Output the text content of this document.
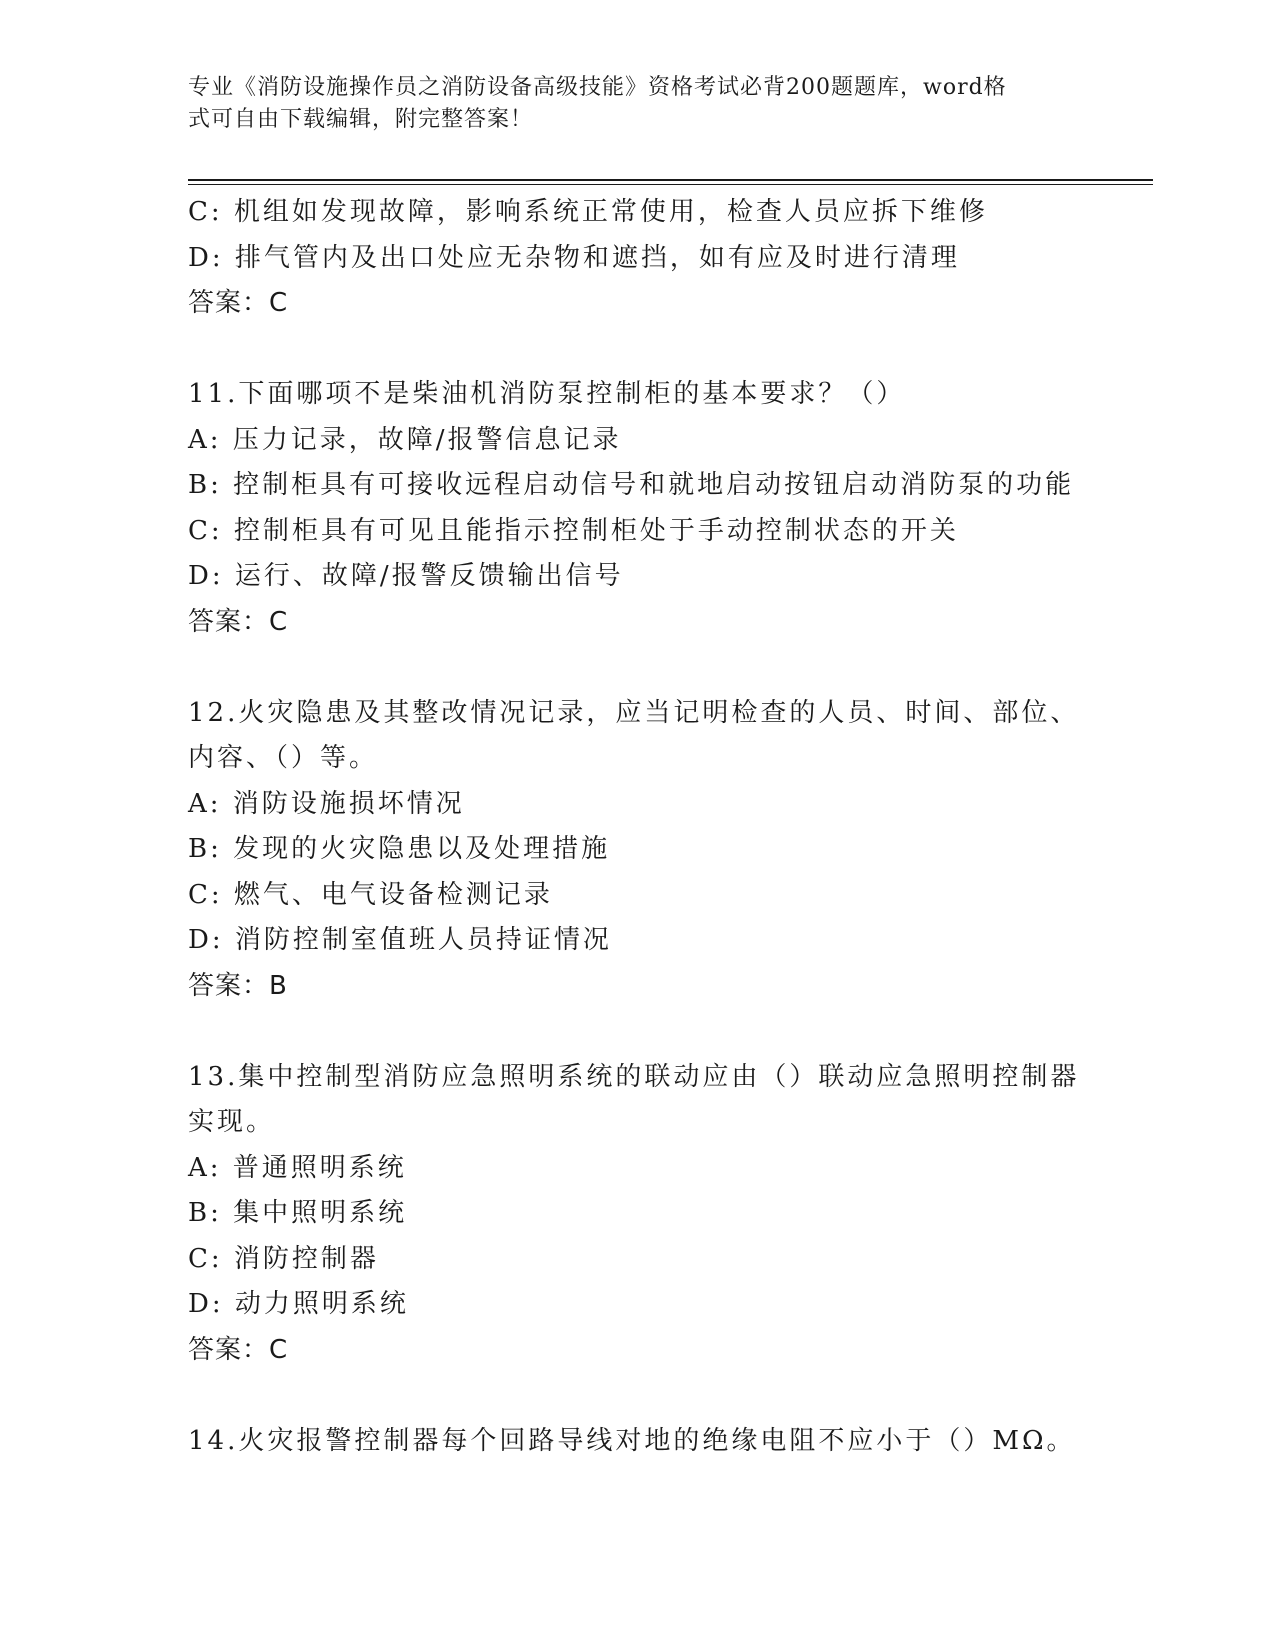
专业《消防设施操作员之消防设备高级技能》资格考试必背200题题库，word格
式可自由下载编辑，附完整答案！
C: 机组如发现故障，影响系统正常使用，检查人员应拆下维修
D: 排气管内及出口处应无杂物和遮挡，如有应及时进行清理
答案：C
11.下面哪项不是柴油机消防泵控制柜的基本要求？（）
A: 压力记录，故障/报警信息记录
B: 控制柜具有可接收远程启动信号和就地启动按钮启动消防泵的功能
C: 控制柜具有可见且能指示控制柜处于手动控制状态的开关
D: 运行、故障/报警反馈输出信号
答案：C
12.火灾隐患及其整改情况记录，应当记明检查的人员、时间、部位、
内容、（）等。
A: 消防设施损坏情况
B: 发现的火灾隐患以及处理措施
C: 燃气、电气设备检测记录
D: 消防控制室值班人员持证情况
答案：B
13.集中控制型消防应急照明系统的联动应由（）联动应急照明控制器
实现。
A: 普通照明系统
B: 集中照明系统
C: 消防控制器
D: 动力照明系统
答案：C
14.火灾报警控制器每个回路导线对地的绝缘电阻不应小于（）MΩ。
